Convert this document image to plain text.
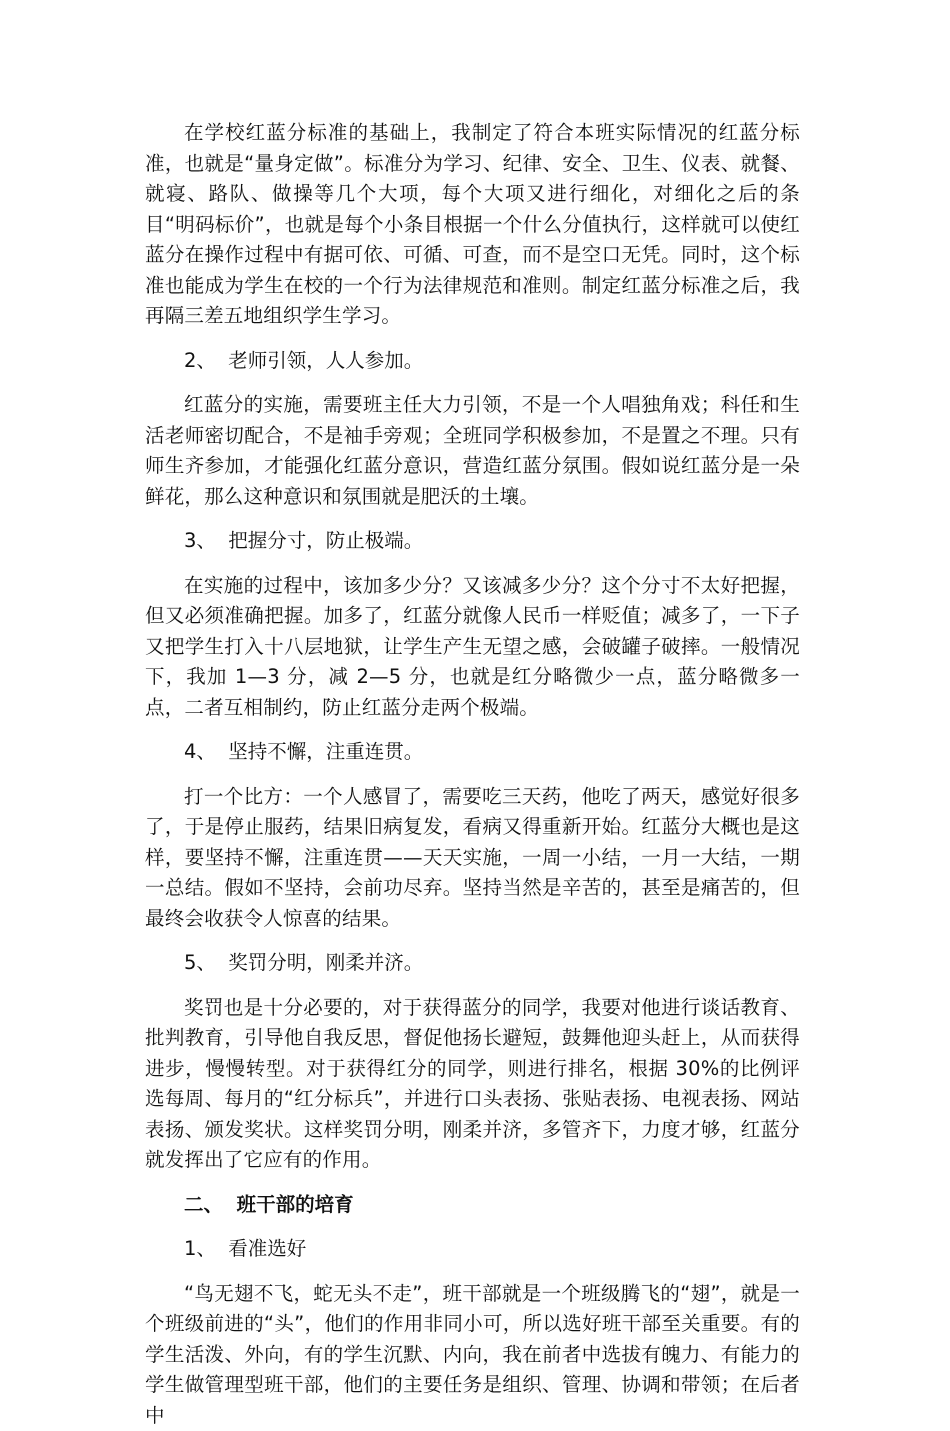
在学校红蓝分标准的基础上，我制定了符合本班实际情况的红蓝分标准，也就是“量身定做”。标准分为学习、纪律、安全、卫生、仪表、就餐、就寝、路队、做操等几个大项，每个大项又进行细化，对细化之后的条目“明码标价”，也就是每个小条目根据一个什么分值执行，这样就可以使红蓝分在操作过程中有据可依、可循、可查，而不是空口无凭。同时，这个标准也能成为学生在校的一个行为法律规范和准则。制定红蓝分标准之后，我再隔三差五地组织学生学习。

2、  老师引领，人人参加。

红蓝分的实施，需要班主任大力引领，不是一个人唱独角戏；科任和生活老师密切配合，不是袖手旁观；全班同学积极参加，不是置之不理。只有师生齐参加，才能强化红蓝分意识，营造红蓝分氛围。假如说红蓝分是一朵鲜花，那么这种意识和氛围就是肥沃的土壤。

3、  把握分寸，防止极端。

在实施的过程中，该加多少分？又该减多少分？这个分寸不太好把握，但又必须准确把握。加多了，红蓝分就像人民币一样贬值；减多了，一下子又把学生打入十八层地狱，让学生产生无望之感，会破罐子破摔。一般情况下，我加 1—3 分，减 2—5 分，也就是红分略微少一点，蓝分略微多一点，二者互相制约，防止红蓝分走两个极端。

4、  坚持不懈，注重连贯。

打一个比方：一个人感冒了，需要吃三天药，他吃了两天，感觉好很多了，于是停止服药，结果旧病复发，看病又得重新开始。红蓝分大概也是这样，要坚持不懈，注重连贯——天天实施，一周一小结，一月一大结，一期一总结。假如不坚持，会前功尽弃。坚持当然是辛苦的，甚至是痛苦的，但最终会收获令人惊喜的结果。

5、  奖罚分明，刚柔并济。

奖罚也是十分必要的，对于获得蓝分的同学，我要对他进行谈话教育、批判教育，引导他自我反思，督促他扬长避短，鼓舞他迎头赶上，从而获得进步，慢慢转型。对于获得红分的同学，则进行排名，根据 30%的比例评选每周、每月的“红分标兵”，并进行口头表扬、张贴表扬、电视表扬、网站表扬、颁发奖状。这样奖罚分明，刚柔并济，多管齐下，力度才够，红蓝分就发挥出了它应有的作用。

二、  班干部的培育

1、  看准选好

“鸟无翅不飞，蛇无头不走”，班干部就是一个班级腾飞的“翅”，就是一个班级前进的“头”，他们的作用非同小可，所以选好班干部至关重要。有的学生活泼、外向，有的学生沉默、内向，我在前者中选拔有魄力、有能力的学生做管理型班干部，他们的主要任务是组织、管理、协调和带领；在后者中
